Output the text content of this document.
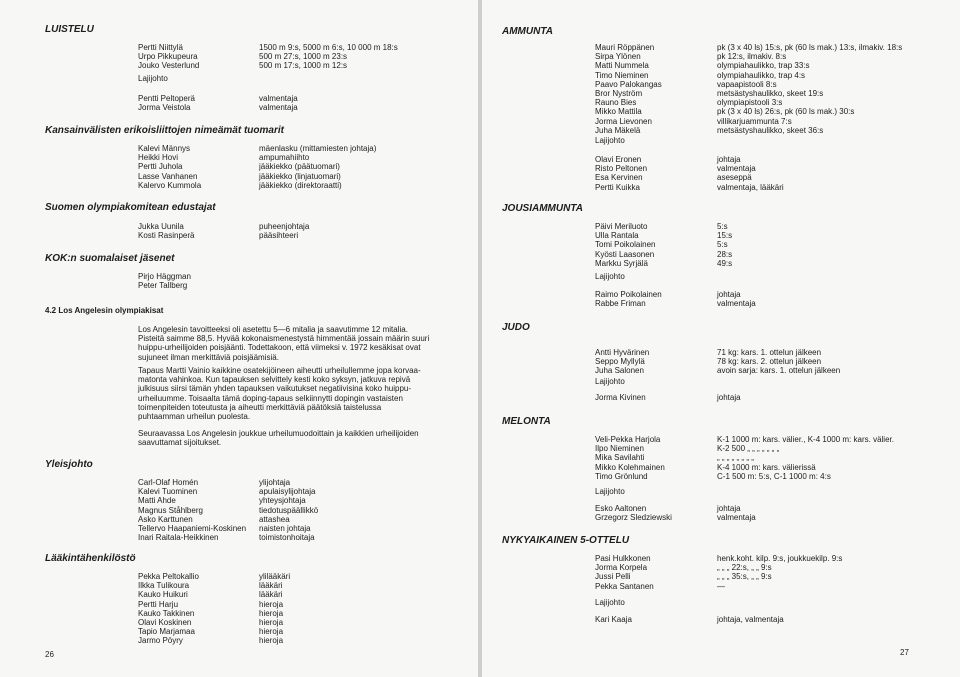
LUISTELU
Pertti Niittylä
Urpo Pikkupeura
Jouko Vesterlund
1500 m 9:s, 5000 m 6:s, 10 000 m 18:s
500 m 27:s, 1000 m 23:s
500 m 17:s, 1000 m 12:s
Lajijohto
Pentti Peltoperä
Jorma Veistola
valmentaja
valmentaja
Kansainvälisten erikoisliittojen nimeämät tuomarit
Kalevi Männys
Heikki Hovi
Pertti Juhola
Lasse Vanhanen
Kalervo Kummola
mäenlasku (mittamiesten johtaja)
ampumahiihto
jääkiekko (päätuomari)
jääkiekko (linjatuomari)
jääkiekko (direktoraatti)
Suomen olympiakomitean edustajat
Jukka Uunila
Kosti Rasinperä
puheenjohtaja
pääsihteeri
KOK:n suomalaiset jäsenet
Pirjo Häggman
Peter Tallberg
4.2 Los Angelesin olympiakisat
Los Angelesin tavoitteeksi oli asetettu 5—6 mitalia ja saavutimme 12 mitalia.
Pisteitä saimme 88,5. Hyvää kokonaismenestystä himmentää jossain määrin suuri
huippu-urheilijoiden poisjäänti. Todettakoon, että viimeksi v. 1972 kesäkisat ovat
sujuneet ilman merkittäviä poisjäämisiä.
Tapaus Martti Vainio kaikkine osatekijöineen aiheutti urheilullemme jopa korvaa-
matonta vahinkoa. Kun tapauksen selvittely kesti koko syksyn, jatkuva repivä
julkisuus siirsi tämän yhden tapauksen vaikutukset negatiivisina koko huippu-
urheiluumme. Toisaalta tämä doping-tapaus selkiinnytti dopingin vastaisten
toimenpiteiden toteutusta ja aiheutti merkittäviä päätöksiä taistelussa
puhtaamman urheilun puolesta.
Seuraavassa Los Angelesin joukkue urheilumuodoittain ja kaikkien urheilijoiden
saavuttamat sijoitukset.
Yleisjohto
Carl-Olaf Homén
Kalevi Tuominen
Matti Ahde
Magnus Ståhlberg
Asko Karttunen
Tellervo Haapaniemi-Koskinen
Inari Raitala-Heikkinen
ylijohtaja
apulaisylijohtaja
yhteysjohtaja
tiedotuspäällikkö
attashea
naisten johtaja
toimistonhoitaja
Lääkintähenkilöstö
Pekka Peltokallio
Ilkka Tulikoura
Kauko Huikuri
Pertti Harju
Kauko Takkinen
Olavi Koskinen
Tapio Marjamaa
Jarmo Pöyry
ylilääkäri
lääkäri
lääkäri
hieroja
hieroja
hieroja
hieroja
hieroja
26
AMMUNTA
Mauri Röppänen
Sirpa Ylönen
Matti Nummela
Timo Nieminen
Paavo Palokangas
Bror Nyström
Rauno Bies
Mikko Mattila
Jorma Lievonen
Juha Mäkelä
pk (3 x 40 ls) 15:s, pk (60 ls mak.) 13:s, ilmakiv. 18:s
pk 12:s, ilmakiv. 8:s
olympiahaulikko, trap 33:s
olympiahaulikko, trap 4:s
vapaapistooli 8:s
metsästyshaulikko, skeet 19:s
olympiapistooli 3:s
pk (3 x 40 ls) 26:s, pk (60 ls mak.) 30:s
villikarjuammunta 7:s
metsästyshaulikko, skeet 36:s
Lajijohto
Olavi Eronen
Risto Peltonen
Esa Kervinen
Pertti Kuikka
johtaja
valmentaja
aseseppä
valmentaja, lääkäri
JOUSIAMMUNTA
Päivi Meriluoto
Ulla Rantala
Tomi Poikolainen
Kyösti Laasonen
Markku Syrjälä
5:s
15:s
5:s
28:s
49:s
Lajijohto
Raimo Poikolainen
Rabbe Friman
johtaja
valmentaja
JUDO
Antti Hyvärinen
Seppo Myllylä
Juha Salonen
71 kg: kars. 1. ottelun jälkeen
78 kg: kars. 2. ottelun jälkeen
avoin sarja: kars. 1. ottelun jälkeen
Lajijohto
Jorma Kivinen	johtaja
MELONTA
Veli-Pekka Harjola
Ilpo Nieminen
Mika Savilahti
Mikko Kolehmainen
Timo Grönlund
K-1 1000 m: kars. välier., K-4 1000 m: kars. välier.
K-2 500 „ „ „ „ „ „ „
„ „ „ „ „ „ „ „
K-4 1000 m: kars. välierissä
C-1 500 m: 5:s, C-1 1000 m: 4:s
Lajijohto
Esko Aaltonen
Grzegorz Sledziewski
johtaja
valmentaja
NYKYAIKAINEN 5-OTTELU
Pasi Hulkkonen
Jorma Korpela
Jussi Pelli
Pekka Santanen
henk.koht. kilp. 9:s, joukkuekilp. 9:s
„ „ „ 22:s, „ „ 9:s
„ „ „ 35:s, „ „ 9:s
—
Lajijohto
Kari Kaaja	johtaja, valmentaja
27
